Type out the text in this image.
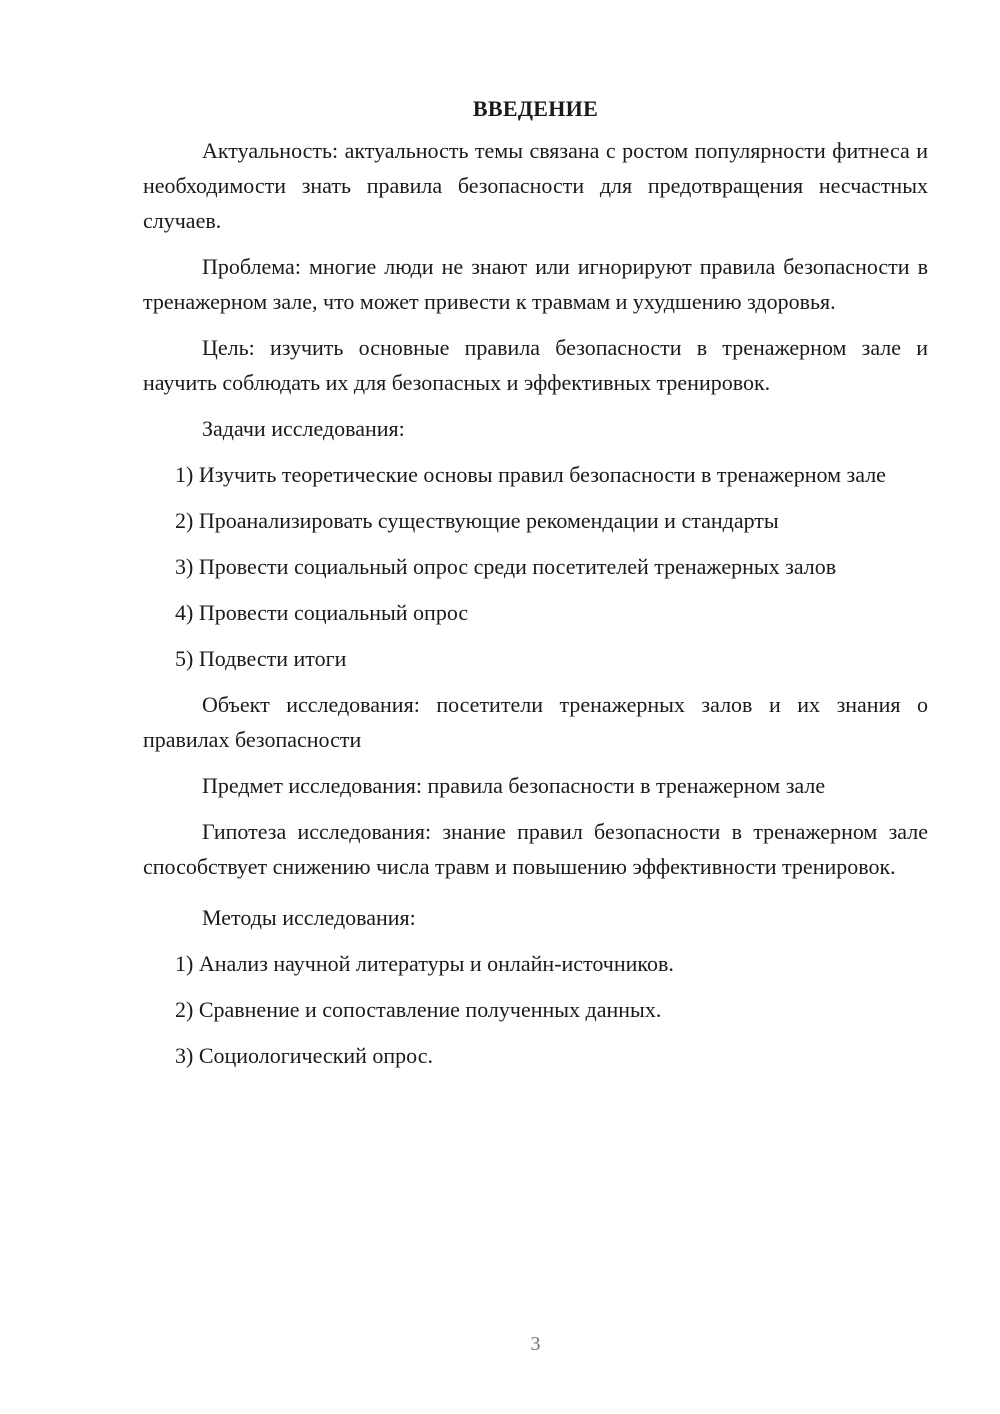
ВВЕДЕНИЕ

Актуальность: актуальность темы связана с ростом популярности фитнеса и необходимости знать правила безопасности для предотвращения несчастных случаев.

Проблема: многие люди не знают или игнорируют правила безопасности в тренажерном зале, что может привести к травмам и ухудшению здоровья.

Цель: изучить основные правила безопасности в тренажерном зале и научить соблюдать их для безопасных и эффективных тренировок.

Задачи исследования:

1) Изучить теоретические основы правил безопасности в тренажерном зале

2) Проанализировать существующие рекомендации и стандарты

3) Провести социальный опрос среди посетителей тренажерных залов

4) Провести социальный опрос

5) Подвести итоги

Объект исследования: посетители тренажерных залов и их знания о правилах безопасности

Предмет исследования: правила безопасности в тренажерном зале

Гипотеза исследования: знание правил безопасности в тренажерном зале способствует снижению числа травм и повышению эффективности тренировок.

Методы исследования:

1) Анализ научной литературы и онлайн-источников.

2) Сравнение и сопоставление полученных данных.

3) Социологический опрос.

3
